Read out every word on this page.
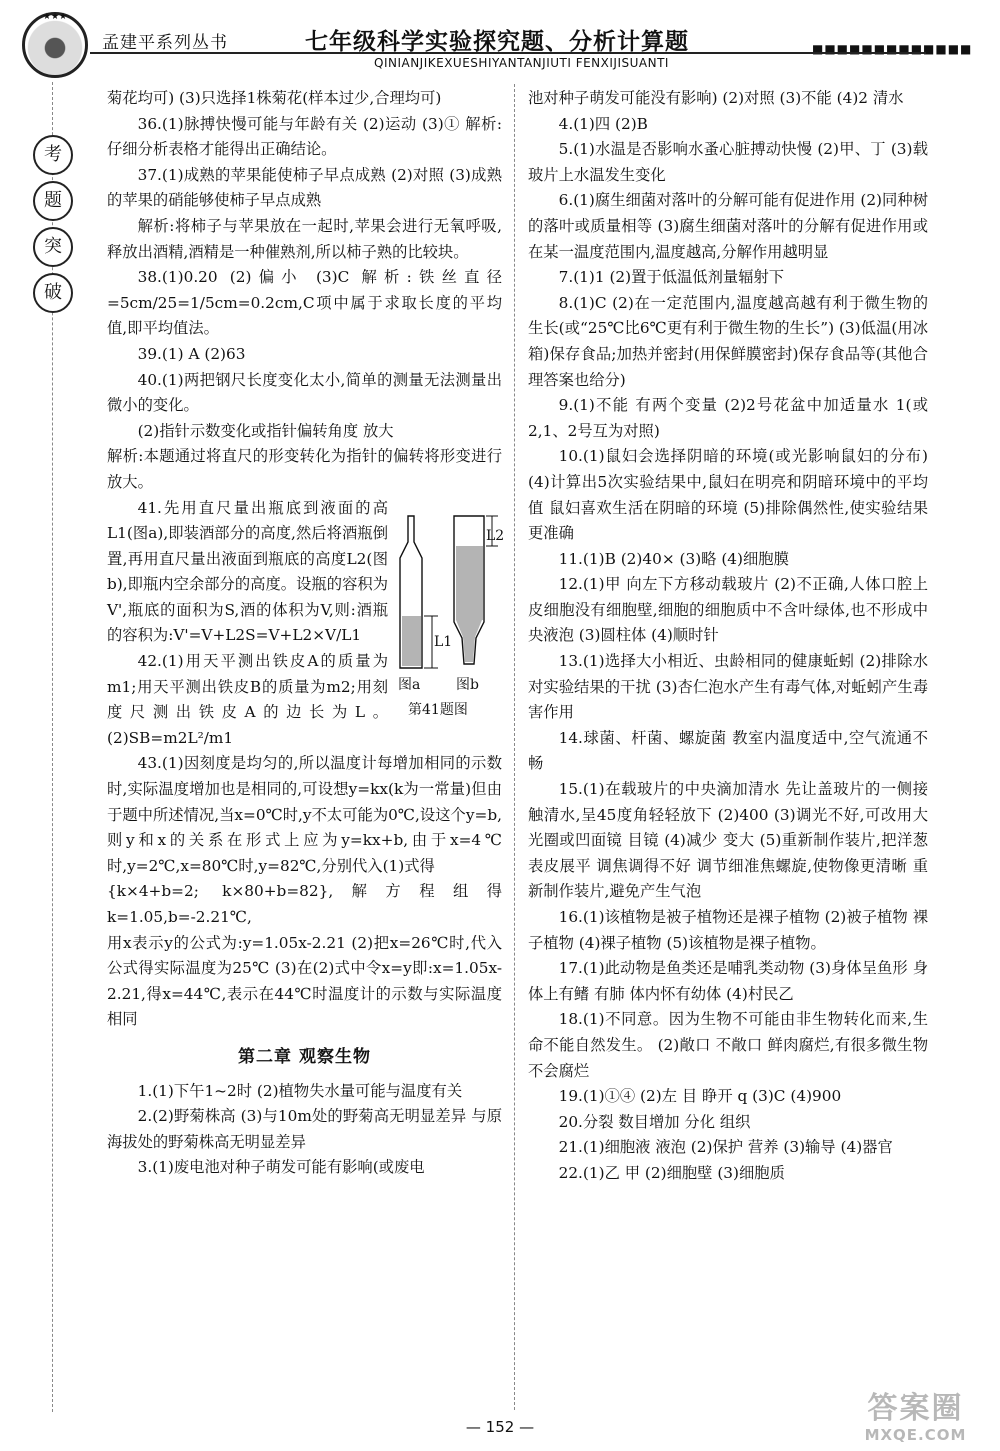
★★★
孟建平系列丛书	七年级科学实验探究题、分析计算题	■■■■■■■■■■■■■
QINIANJIKEXUESHIYANTANJIUTI FENXIJISUANTI
考
题
突
破

菊花均可) (3)只选择1株菊花(样本过少,合理均可)

36.(1)脉搏快慢可能与年龄有关 (2)运动 (3)① 解析:仔细分析表格才能得出正确结论。

37.(1)成熟的苹果能使柿子早点成熟 (2)对照 (3)成熟的苹果的硝能够使柿子早点成熟

解析:将柿子与苹果放在一起时,苹果会进行无氧呼吸,释放出酒精,酒精是一种催熟剂,所以柿子熟的比较块。

38.(1)0.20 (2)偏小 (3)C 解析:铁丝直径=5cm/25=1/5cm=0.2cm,C项中属于求取长度的平均值,即平均值法。

39.(1) A (2)63

40.(1)两把钢尺长度变化太小,简单的测量无法测量出微小的变化。

(2)指针示数变化或指针偏转角度 放大

解析:本题通过将直尺的形变转化为指针的偏转将形变进行放大。

L1
L2
图a	图b
第41题图

41.先用直尺量出瓶底到液面的高L1(图a),即装酒部分的高度,然后将酒瓶倒置,再用直尺量出液面到瓶底的高度L2(图b),即瓶内空余部分的高度。设瓶的容积为V',瓶底的面积为S,酒的体积为V,则:酒瓶的容积为:V'=V+L2S=V+L2×V/L1

42.(1)用天平测出铁皮A的质量为m1;用天平测出铁皮B的质量为m2;用刻度尺测出铁皮A的边长为L。 (2)SB=m2L²/m1

43.(1)因刻度是均匀的,所以温度计每增加相同的示数时,实际温度增加也是相同的,可设想y=kx(k为一常量)但由于题中所述情况,当x=0℃时,y不太可能为0℃,设这个y=b,则y和x的关系在形式上应为y=kx+b,由于x=4℃时,y=2℃,x=80℃时,y=82℃,分别代入(1)式得

{k×4+b=2; k×80+b=82},解方程组得k=1.05,b=-2.21℃,

用x表示y的公式为:y=1.05x-2.21 (2)把x=26℃时,代入公式得实际温度为25℃ (3)在(2)式中令x=y即:x=1.05x-2.21,得x=44℃,表示在44℃时温度计的示数与实际温度相同

第二章 观察生物

1.(1)下午1~2时 (2)植物失水量可能与温度有关

2.(2)野菊株高 (3)与10m处的野菊高无明显差异 与原海拔处的野菊株高无明显差异

3.(1)废电池对种子萌发可能有影响(或废电

池对种子萌发可能没有影响) (2)对照 (3)不能 (4)2 清水

4.(1)四 (2)B

5.(1)水温是否影响水蚤心脏搏动快慢 (2)甲、丁 (3)载玻片上水温发生变化

6.(1)腐生细菌对落叶的分解可能有促进作用 (2)同种树的落叶或质量相等 (3)腐生细菌对落叶的分解有促进作用或在某一温度范围内,温度越高,分解作用越明显

7.(1)1 (2)置于低温低剂量辐射下

8.(1)C (2)在一定范围内,温度越高越有利于微生物的生长(或“25℃比6℃更有利于微生物的生长”) (3)低温(用冰箱)保存食品;加热并密封(用保鲜膜密封)保存食品等(其他合理答案也给分)

9.(1)不能 有两个变量 (2)2号花盆中加适量水 1(或2,1、2号互为对照)

10.(1)鼠妇会选择阴暗的环境(或光影响鼠妇的分布) (4)计算出5次实验结果中,鼠妇在明亮和阴暗环境中的平均值 鼠妇喜欢生活在阴暗的环境 (5)排除偶然性,使实验结果更准确

11.(1)B (2)40× (3)略 (4)细胞膜

12.(1)甲 向左下方移动载玻片 (2)不正确,人体口腔上皮细胞没有细胞壁,细胞的细胞质中不含叶绿体,也不形成中央液泡 (3)圆柱体 (4)顺时针

13.(1)选择大小相近、虫龄相同的健康蚯蚓 (2)排除水对实验结果的干扰 (3)杏仁泡水产生有毒气体,对蚯蚓产生毒害作用

14.球菌、杆菌、螺旋菌 教室内温度适中,空气流通不畅

15.(1)在载玻片的中央滴加清水 先让盖玻片的一侧接触清水,呈45度角轻轻放下 (2)400 (3)调光不好,可改用大光圈或凹面镜 目镜 (4)减少 变大 (5)重新制作装片,把洋葱表皮展平 调焦调得不好 调节细准焦螺旋,使物像更清晰 重新制作装片,避免产生气泡

16.(1)该植物是被子植物还是裸子植物 (2)被子植物 裸子植物 (4)裸子植物 (5)该植物是裸子植物。

17.(1)此动物是鱼类还是哺乳类动物 (3)身体呈鱼形 身体上有鳍 有肺 体内怀有幼体 (4)村民乙

18.(1)不同意。因为生物不可能由非生物转化而来,生命不能自然发生。 (2)敞口 不敞口 鲜肉腐烂,有很多微生物 不会腐烂

19.(1)①④ (2)左 目 睁开 q (3)C (4)900

20.分裂 数目增加 分化 组织

21.(1)细胞液 液泡 (2)保护 营养 (3)输导 (4)器官

22.(1)乙 甲 (2)细胞壁 (3)细胞质

— 152 —
答案圈
MXQE.COM
